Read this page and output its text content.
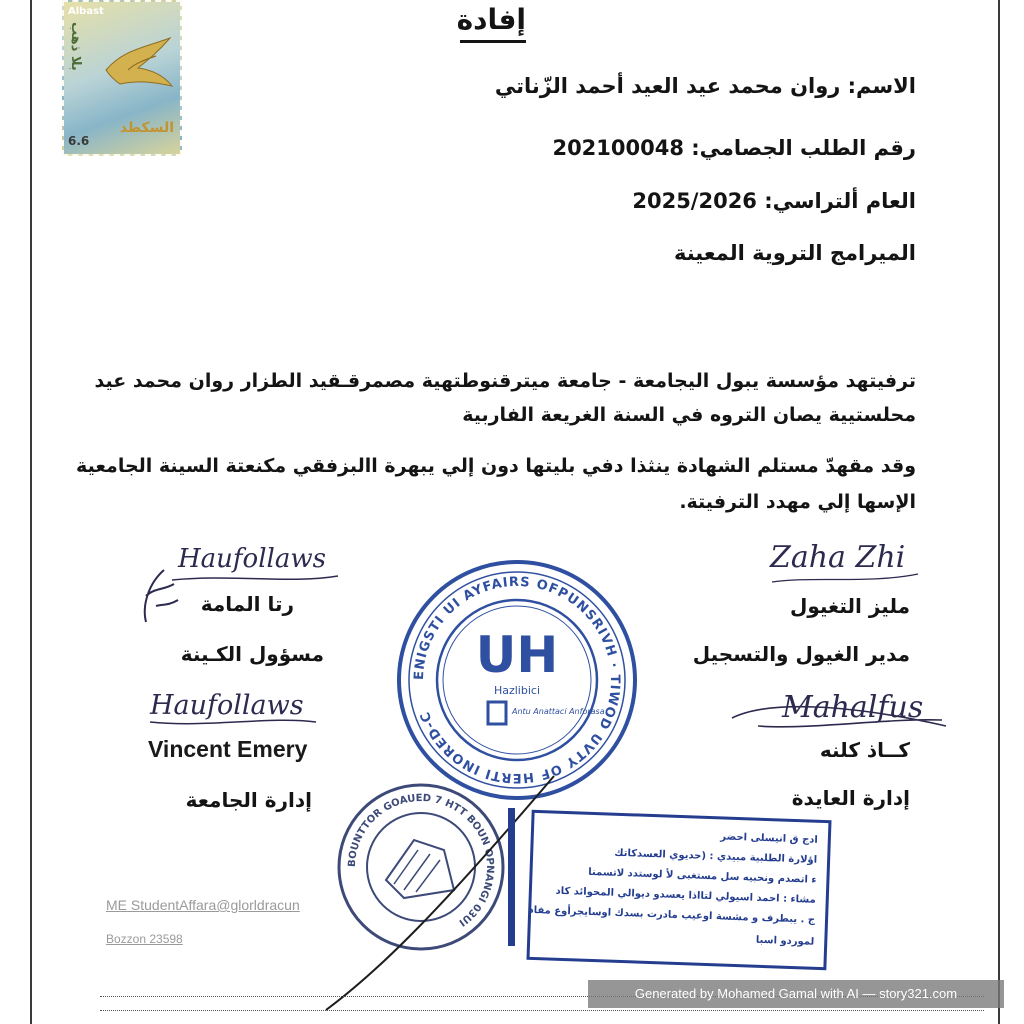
Albast
بلا ذهب
السكطد
6.6
إفادة
الاسم: روان محمد عيد العيد أحمد الزّناتي
رقم الطلب الجصامي: 202100048
العام ألتراسي: 2025/2026
الميرامج التروية المعينة
ترفيتهد مؤسسة يبول اليجامعة - جامعة ميترقنوطتهية مصمرقـقيد الطزار روان محمد عيد
محلستيية يصان التروه في السنة الغريعة الفاربية
وقد مقهدّ مستلم الشهادة ينثذا دفي بليتها دون إلي يبهرة االبزفقي مكنعتة السينة الجامعية
الإسها إلي مهدد الترفيتة.
Haufollaws	Zaha Zhi
Haufollaws	Mahalfus
رتا المامة
مسؤول الكـينة
Vincent Emery
إدارة الجامعة
مليز التغيول
مدير الغيول والتسجيل
كــاذ كلنه
إدارة العايدة
ENIGSTI UI AYFAIRS OFPUNSRIVH · TIWOD UVTY OF HERTI INORED-C
UH
Hazlibici
Antu Anattaci Anforasa
BOUNTTOR GOAUED 7 HTT BOUN OPNANGI 03UI
ادج ق انيسلى احضر
اؤلارة الطلبية مبيدي : (حديوي العسدكاتك
ء اتصدم ونحبيه سل مستغبى لأ لوستدد لاتسمنا
مشاء : احمد اسيولي لتااذا يعسدو ديوالي المحوائد كاد
ج . يبطرف و مشسة اوعيب مادرت بسدك اوسايجرأوع مفاد
لموردو اسبا
ME StudentAffara@glorldracun
Bozzon 23598
Generated by Mohamed Gamal with AI — story321.com
